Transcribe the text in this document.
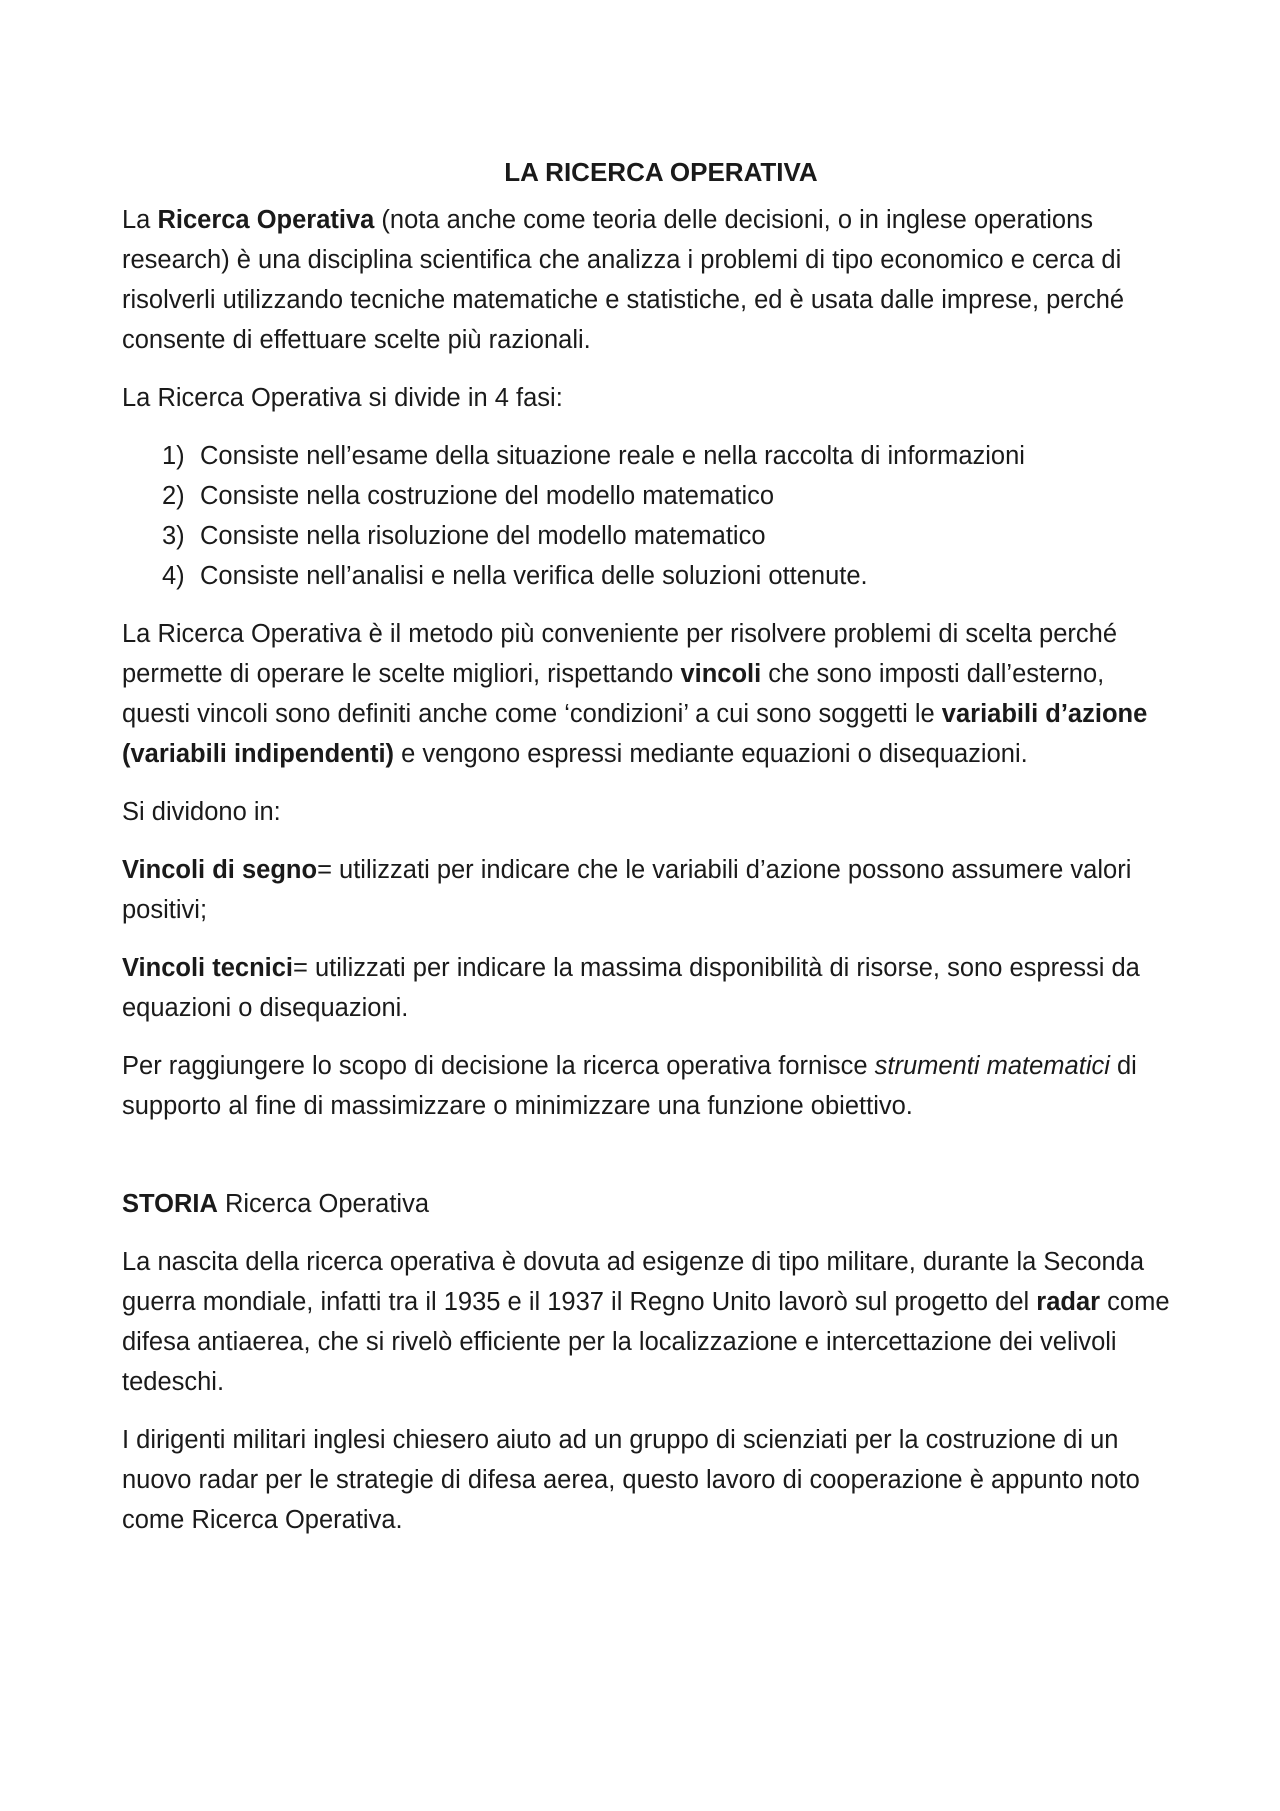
LA RICERCA OPERATIVA

La Ricerca Operativa (nota anche come teoria delle decisioni, o in inglese operations research) è una disciplina scientifica che analizza i problemi di tipo economico e cerca di risolverli utilizzando tecniche matematiche e statistiche, ed è usata dalle imprese, perché consente di effettuare scelte più razionali.

La Ricerca Operativa si divide in 4 fasi:

1) Consiste nell’esame della situazione reale e nella raccolta di informazioni
2) Consiste nella costruzione del modello matematico
3) Consiste nella risoluzione del modello matematico
4) Consiste nell’analisi e nella verifica delle soluzioni ottenute.

La Ricerca Operativa è il metodo più conveniente per risolvere problemi di scelta perché permette di operare le scelte migliori, rispettando vincoli che sono imposti dall’esterno, questi vincoli sono definiti anche come ‘condizioni’ a cui sono soggetti le variabili d’azione (variabili indipendenti) e vengono espressi mediante equazioni o disequazioni.

Si dividono in:

Vincoli di segno= utilizzati per indicare che le variabili d’azione possono assumere valori positivi;

Vincoli tecnici= utilizzati per indicare la massima disponibilità di risorse, sono espressi da equazioni o disequazioni.

Per raggiungere lo scopo di decisione la ricerca operativa fornisce strumenti matematici di supporto al fine di massimizzare o minimizzare una funzione obiettivo.

STORIA Ricerca Operativa

La nascita della ricerca operativa è dovuta ad esigenze di tipo militare, durante la Seconda guerra mondiale, infatti tra il 1935 e il 1937 il Regno Unito lavorò sul progetto del radar come difesa antiaerea, che si rivelò efficiente per la localizzazione e intercettazione dei velivoli tedeschi.

I dirigenti militari inglesi chiesero aiuto ad un gruppo di scienziati per la costruzione di un nuovo radar per le strategie di difesa aerea, questo lavoro di cooperazione è appunto noto come Ricerca Operativa.
